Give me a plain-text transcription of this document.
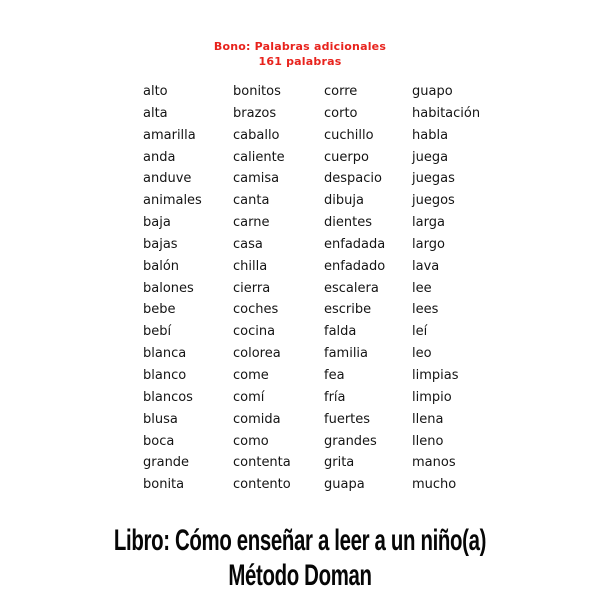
Bono: Palabras adicionales
161 palabras
alto
alta
amarilla
anda
anduve
animales
baja
bajas
balón
balones
bebe
bebí
blanca
blanco
blancos
blusa
boca
grande
bonita
bonitos
brazos
caballo
caliente
camisa
canta
carne
casa
chilla
cierra
coches
cocina
colorea
come
comí
comida
como
contenta
contento
corre
corto
cuchillo
cuerpo
despacio
dibuja
dientes
enfadada
enfadado
escalera
escribe
falda
familia
fea
fría
fuertes
grandes
grita
guapa
guapo
habitación
habla
juega
juegas
juegos
larga
largo
lava
lee
lees
leí
leo
limpias
limpio
llena
lleno
manos
mucho
Libro: Cómo enseñar a leer a un niño(a)
Método Doman
